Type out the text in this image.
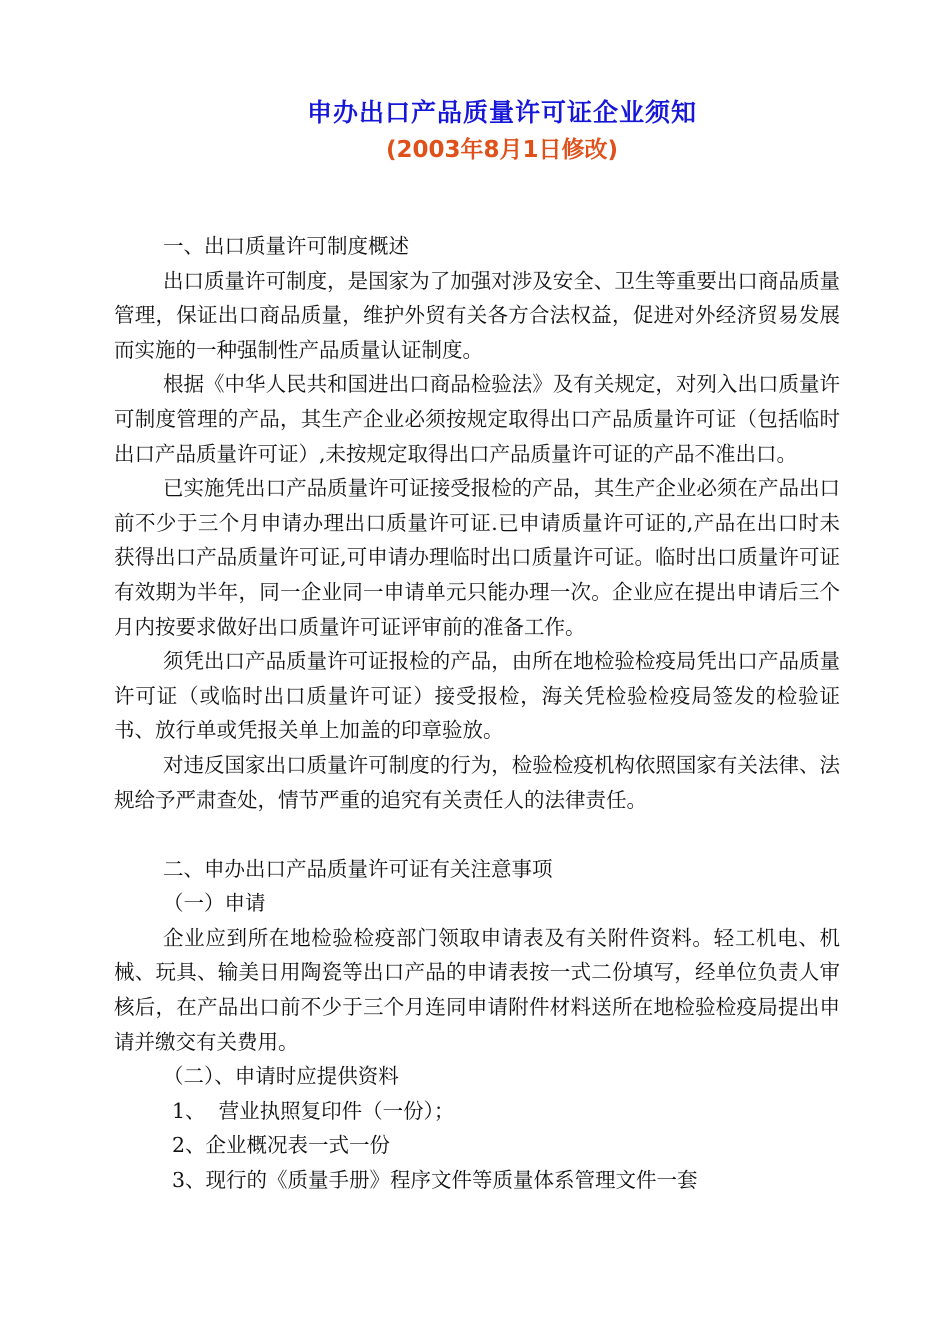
申办出口产品质量许可证企业须知
(2003年8月1日修改)
一、出口质量许可制度概述

出口质量许可制度，是国家为了加强对涉及安全、卫生等重要出口商品质量管理，保证出口商品质量，维护外贸有关各方合法权益，促进对外经济贸易发展而实施的一种强制性产品质量认证制度。

根据《中华人民共和国进出口商品检验法》及有关规定，对列入出口质量许可制度管理的产品，其生产企业必须按规定取得出口产品质量许可证（包括临时出口产品质量许可证）,未按规定取得出口产品质量许可证的产品不准出口。

已实施凭出口产品质量许可证接受报检的产品，其生产企业必须在产品出口前不少于三个月申请办理出口质量许可证.已申请质量许可证的,产品在出口时未获得出口产品质量许可证,可申请办理临时出口质量许可证。临时出口质量许可证有效期为半年，同一企业同一申请单元只能办理一次。企业应在提出申请后三个月内按要求做好出口质量许可证评审前的准备工作。

须凭出口产品质量许可证报检的产品，由所在地检验检疫局凭出口产品质量许可证（或临时出口质量许可证）接受报检，海关凭检验检疫局签发的检验证书、放行单或凭报关单上加盖的印章验放。

对违反国家出口质量许可制度的行为，检验检疫机构依照国家有关法律、法规给予严肃查处，情节严重的追究有关责任人的法律责任。

二、申办出口产品质量许可证有关注意事项
（一）申请

企业应到所在地检验检疫部门领取申请表及有关附件资料。轻工机电、机械、玩具、输美日用陶瓷等出口产品的申请表按一式二份填写，经单位负责人审核后，在产品出口前不少于三个月连同申请附件材料送所在地检验检疫局提出申请并缴交有关费用。

（二）、申请时应提供资料
1、  营业执照复印件（一份）；
2、企业概况表一式一份
3、现行的《质量手册》程序文件等质量体系管理文件一套
